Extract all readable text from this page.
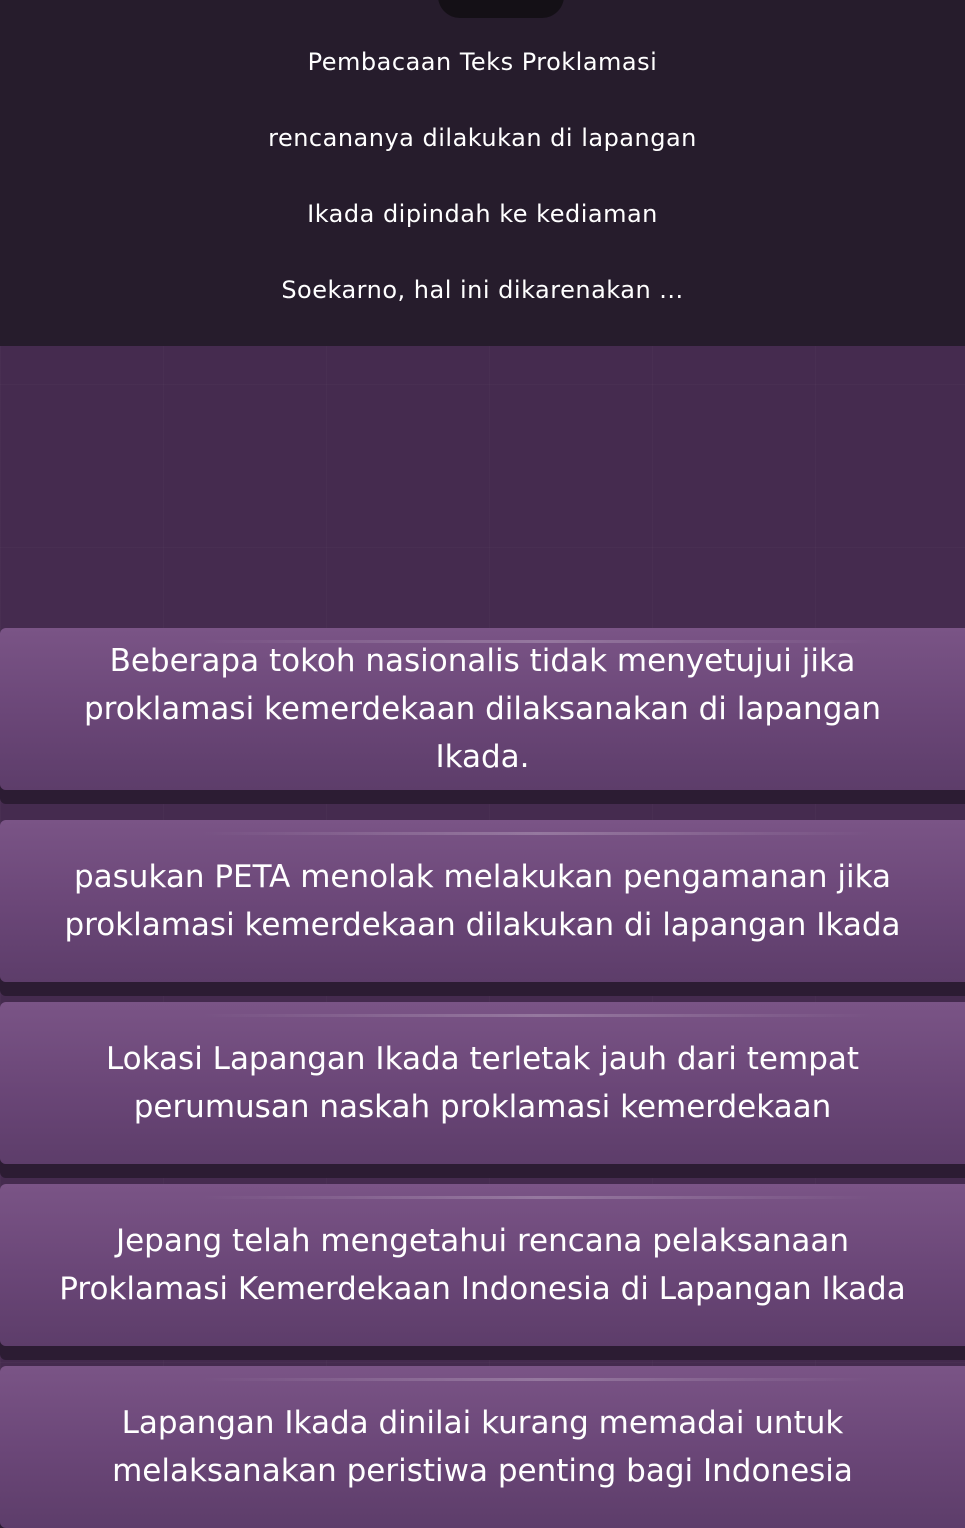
Pembacaan Teks Proklamasi
rencananya dilakukan di lapangan
Ikada dipindah ke kediaman
Soekarno, hal ini dikarenakan ...
Beberapa tokoh nasionalis tidak menyetujui jika
proklamasi kemerdekaan dilaksanakan di lapangan
Ikada.
pasukan PETA menolak melakukan pengamanan jika
proklamasi kemerdekaan dilakukan di lapangan Ikada
Lokasi Lapangan Ikada terletak jauh dari tempat
perumusan naskah proklamasi kemerdekaan
Jepang telah mengetahui rencana pelaksanaan
Proklamasi Kemerdekaan Indonesia di Lapangan Ikada
Lapangan Ikada dinilai kurang memadai untuk
melaksanakan peristiwa penting bagi Indonesia
